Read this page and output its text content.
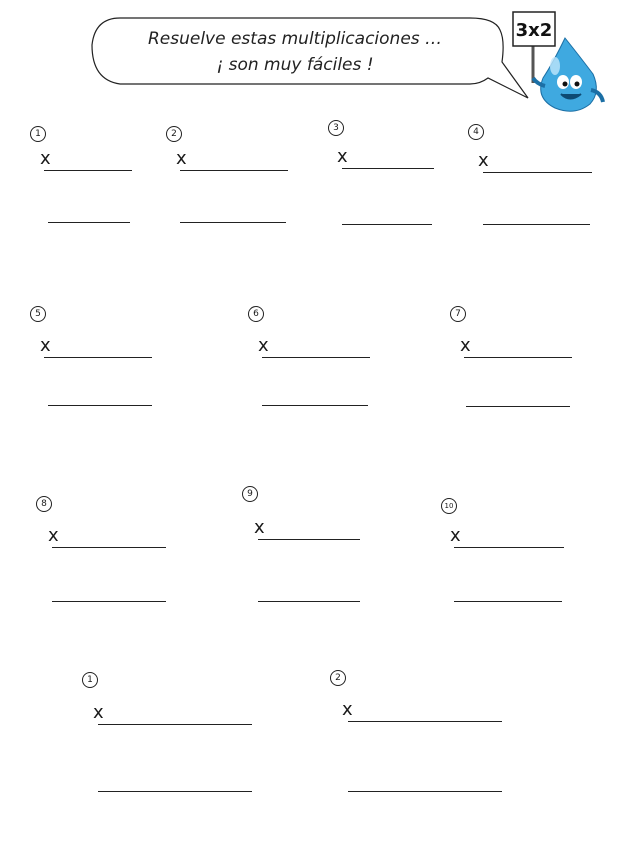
Resuelve estas multiplicaciones …
¡ son muy fáciles !
3x2
1
x
2
x
3
x
4
x
5
x
6
x
7
x
8
x
9
x
10
x
1
x
2
x
